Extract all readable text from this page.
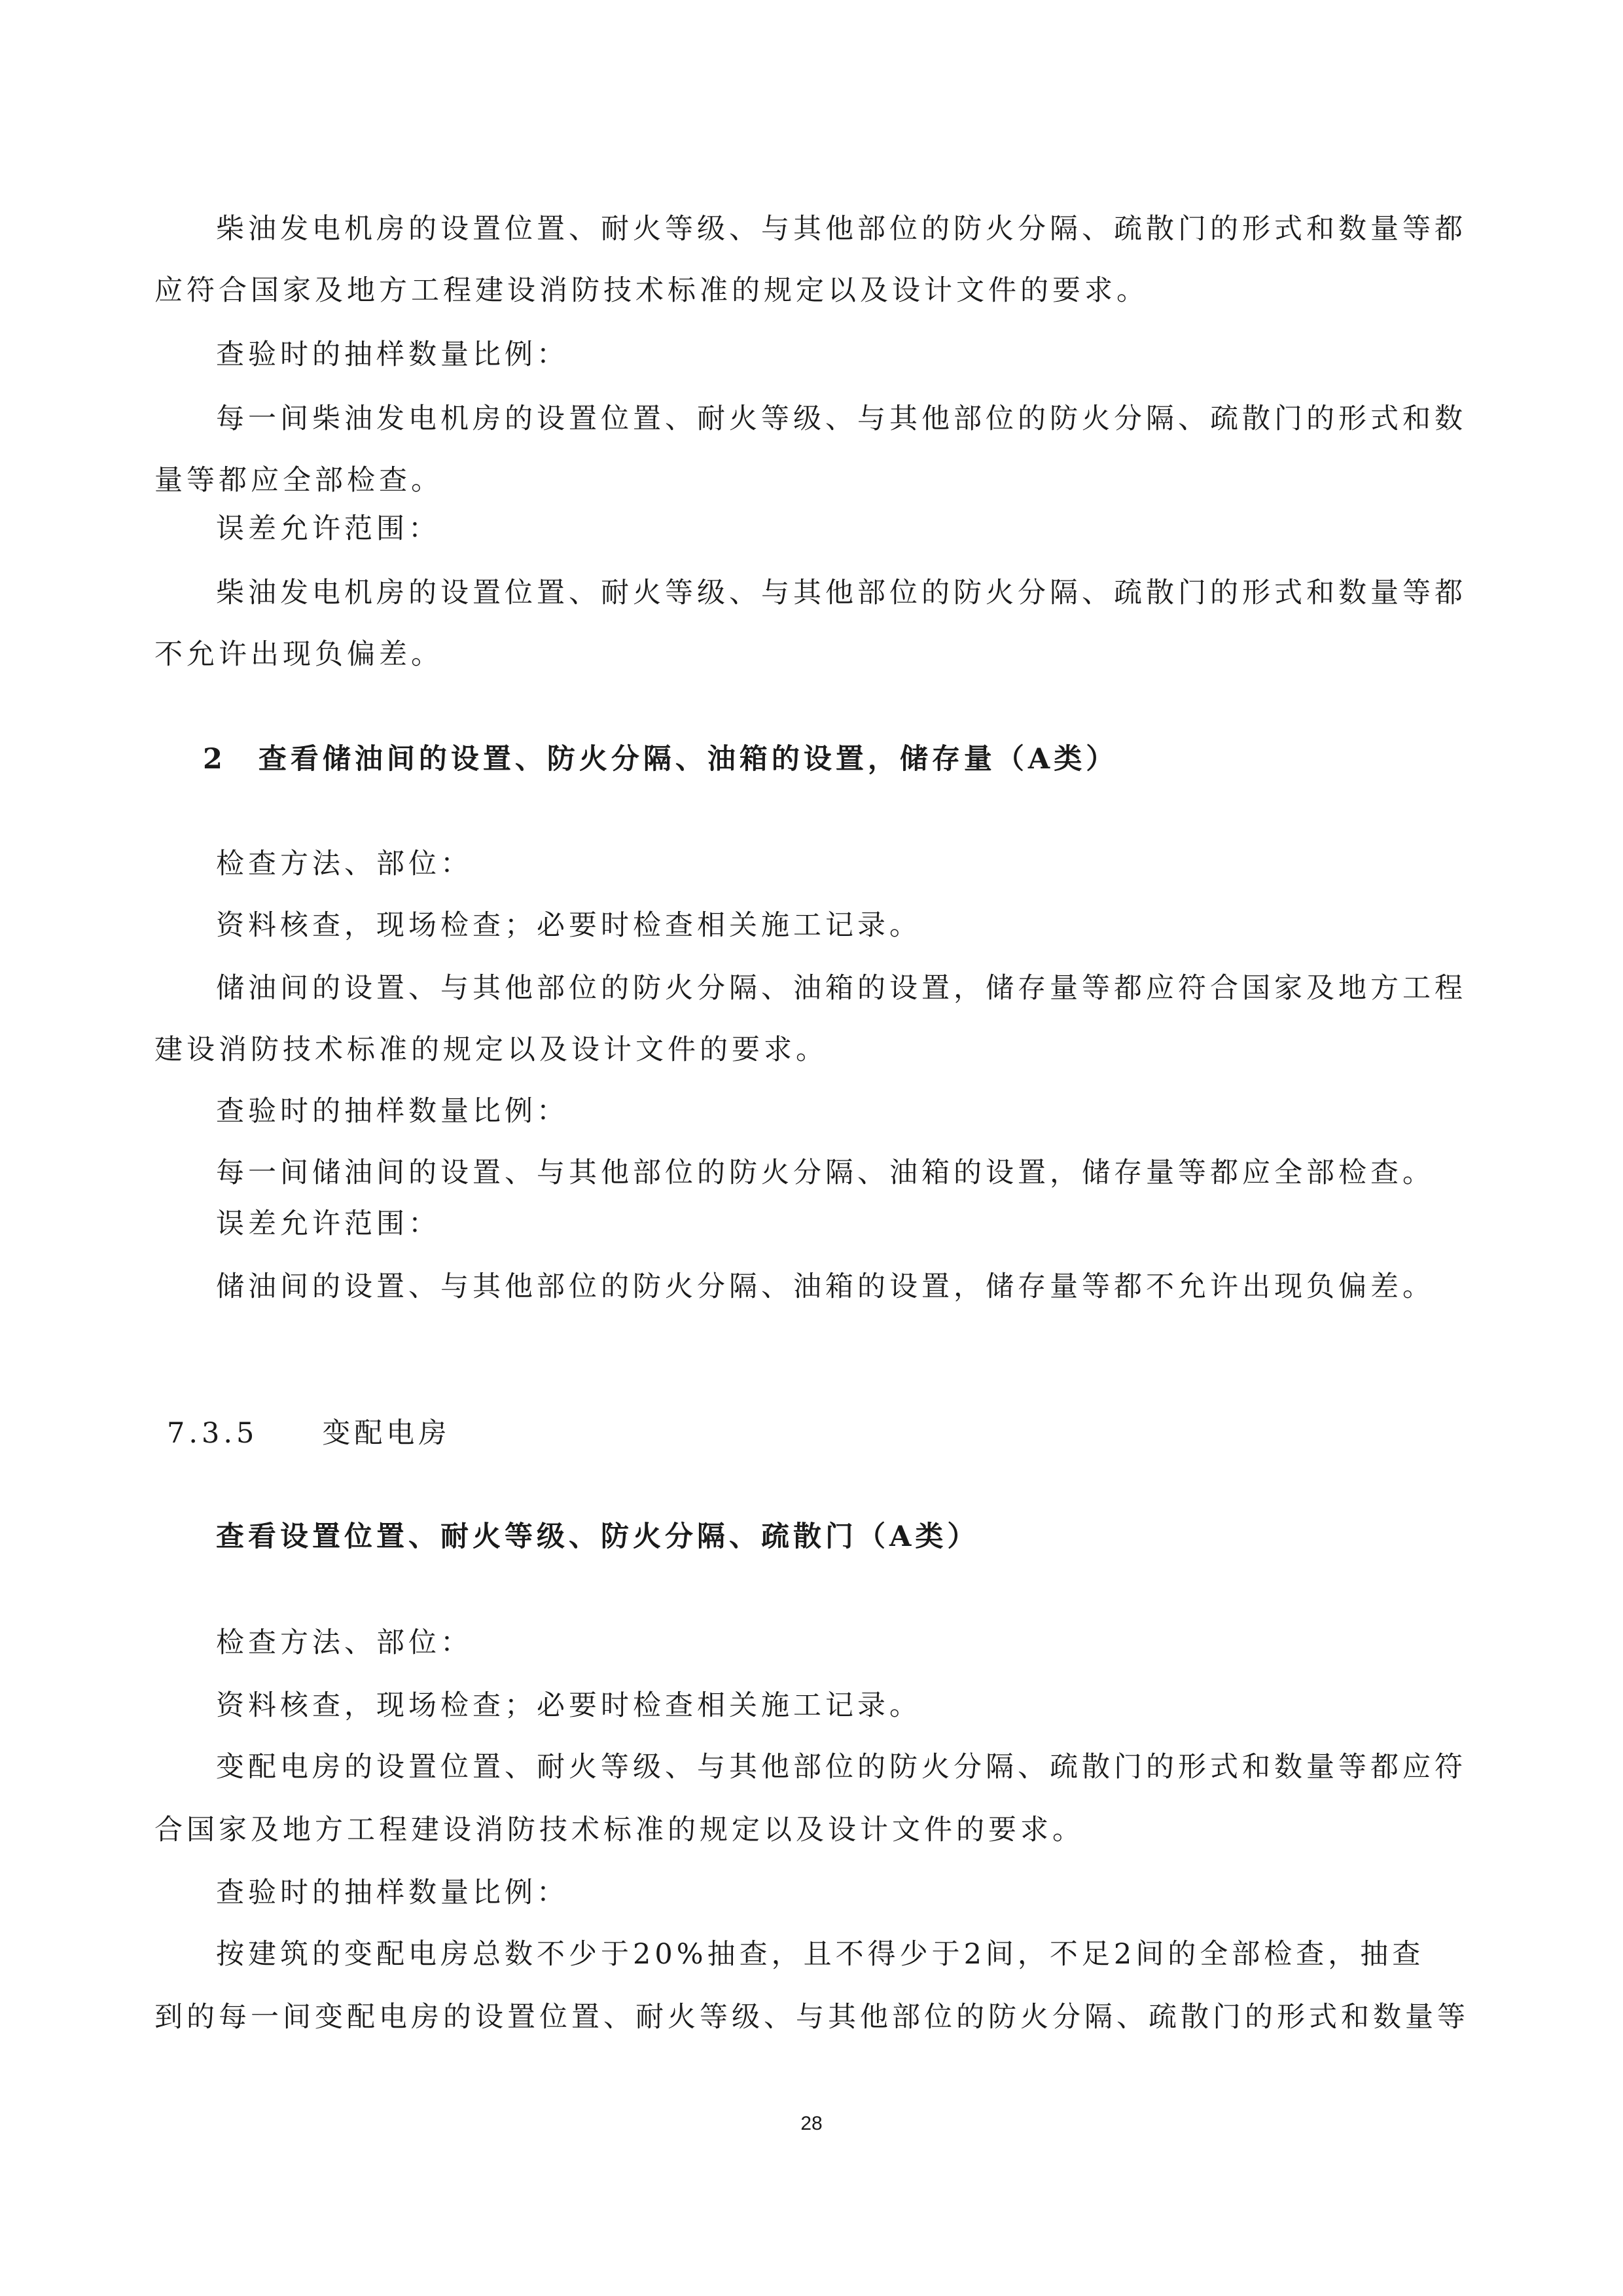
柴油发电机房的设置位置、耐火等级、与其他部位的防火分隔、疏散门的形式和数量等都
应符合国家及地方工程建设消防技术标准的规定以及设计文件的要求。
查验时的抽样数量比例：
每一间柴油发电机房的设置位置、耐火等级、与其他部位的防火分隔、疏散门的形式和数
量等都应全部检查。
误差允许范围：
柴油发电机房的设置位置、耐火等级、与其他部位的防火分隔、疏散门的形式和数量等都
不允许出现负偏差。
2　查看储油间的设置、防火分隔、油箱的设置，储存量（A类）
检查方法、部位：
资料核查，现场检查；必要时检查相关施工记录。
储油间的设置、与其他部位的防火分隔、油箱的设置，储存量等都应符合国家及地方工程
建设消防技术标准的规定以及设计文件的要求。
查验时的抽样数量比例：
每一间储油间的设置、与其他部位的防火分隔、油箱的设置，储存量等都应全部检查。
误差允许范围：
储油间的设置、与其他部位的防火分隔、油箱的设置，储存量等都不允许出现负偏差。
7.3.5　　变配电房
查看设置位置、耐火等级、防火分隔、疏散门（A类）
检查方法、部位：
资料核查，现场检查；必要时检查相关施工记录。
变配电房的设置位置、耐火等级、与其他部位的防火分隔、疏散门的形式和数量等都应符
合国家及地方工程建设消防技术标准的规定以及设计文件的要求。
查验时的抽样数量比例：
按建筑的变配电房总数不少于20%抽查，且不得少于2间，不足2间的全部检查，抽查
到的每一间变配电房的设置位置、耐火等级、与其他部位的防火分隔、疏散门的形式和数量等
28
